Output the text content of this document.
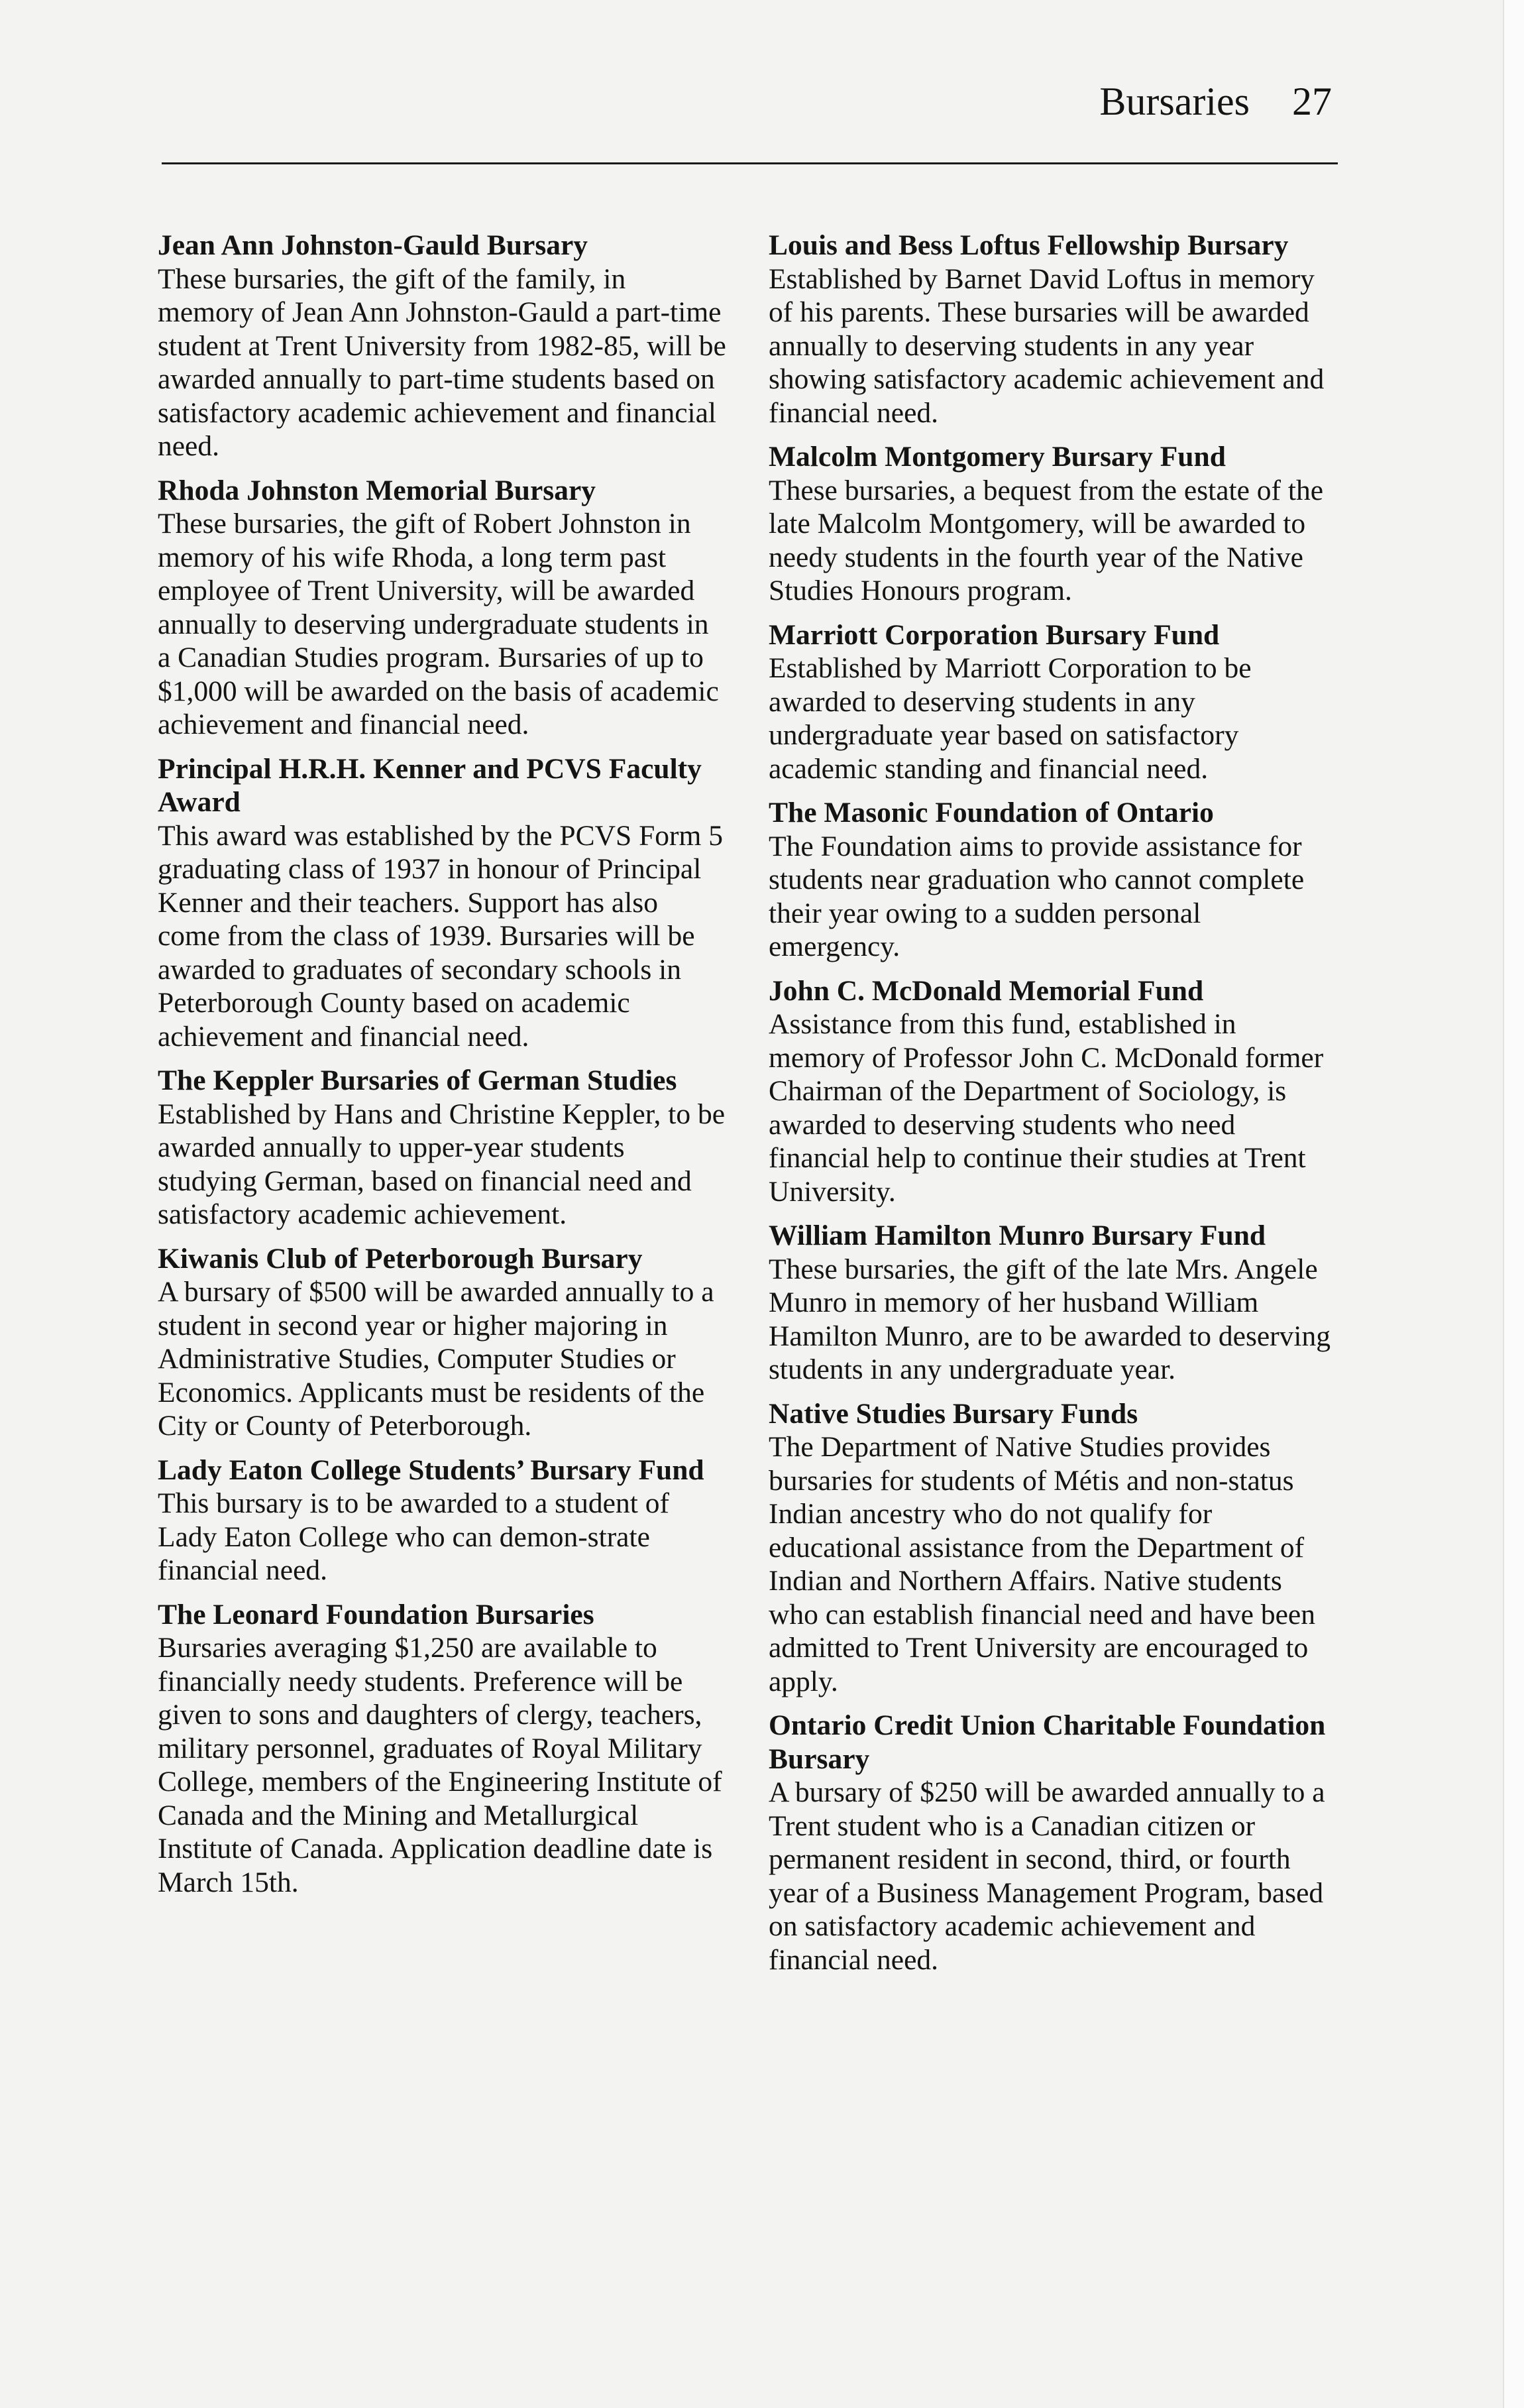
Bursaries 27
Jean Ann Johnston-Gauld Bursary
These bursaries, the gift of the family, in memory of Jean Ann Johnston-Gauld a part-time student at Trent University from 1982-85, will be awarded annually to part-time students based on satisfactory academic achievement and financial need.
Rhoda Johnston Memorial Bursary
These bursaries, the gift of Robert Johnston in memory of his wife Rhoda, a long term past employee of Trent University, will be awarded annually to deserving undergraduate students in a Canadian Studies program. Bursaries of up to $1,000 will be awarded on the basis of academic achievement and financial need.
Principal H.R.H. Kenner and PCVS Faculty Award
This award was established by the PCVS Form 5 graduating class of 1937 in honour of Principal Kenner and their teachers. Support has also come from the class of 1939. Bursaries will be awarded to graduates of secondary schools in Peterborough County based on academic achievement and financial need.
The Keppler Bursaries of German Studies Established by Hans and Christine Keppler, to be awarded annually to upper-year students studying German, based on financial need and satisfactory academic achievement.
Kiwanis Club of Peterborough Bursary
A bursary of $500 will be awarded annually to a student in second year or higher majoring in Administrative Studies, Computer Studies or Economics. Applicants must be residents of the City or County of Peterborough.
Lady Eaton College Students’ Bursary Fund
This bursary is to be awarded to a student of Lady Eaton College who can demon-strate financial need.
The Leonard Foundation Bursaries
Bursaries averaging $1,250 are available to financially needy students. Preference will be given to sons and daughters of clergy, teachers, military personnel, graduates of Royal Military College, members of the Engineering Institute of Canada and the Mining and Metallurgical Institute of Canada. Application deadline date is March 15th.
Louis and Bess Loftus Fellowship Bursary
Established by Barnet David Loftus in memory of his parents. These bursaries will be awarded annually to deserving students in any year showing satisfactory academic achievement and financial need.
Malcolm Montgomery Bursary Fund
These bursaries, a bequest from the estate of the late Malcolm Montgomery, will be awarded to needy students in the fourth year of the Native Studies Honours program.
Marriott Corporation Bursary Fund
Established by Marriott Corporation to be awarded to deserving students in any undergraduate year based on satisfactory academic standing and financial need.
The Masonic Foundation of Ontario
The Foundation aims to provide assistance for students near graduation who cannot complete their year owing to a sudden personal emergency.
John C. McDonald Memorial Fund
Assistance from this fund, established in memory of Professor John C. McDonald former Chairman of the Department of Sociology, is awarded to deserving students who need financial help to continue their studies at Trent University.
William Hamilton Munro Bursary Fund
These bursaries, the gift of the late Mrs. Angele Munro in memory of her husband William Hamilton Munro, are to be awarded to deserving students in any undergraduate year.
Native Studies Bursary Funds
The Department of Native Studies provides bursaries for students of Métis and non-status Indian ancestry who do not qualify for educational assistance from the Department of Indian and Northern Affairs. Native students who can establish financial need and have been admitted to Trent University are encouraged to apply.
Ontario Credit Union Charitable Foundation Bursary
A bursary of $250 will be awarded annually to a Trent student who is a Canadian citizen or permanent resident in second, third, or fourth year of a Business Management Program, based on satisfactory academic achievement and financial need.
